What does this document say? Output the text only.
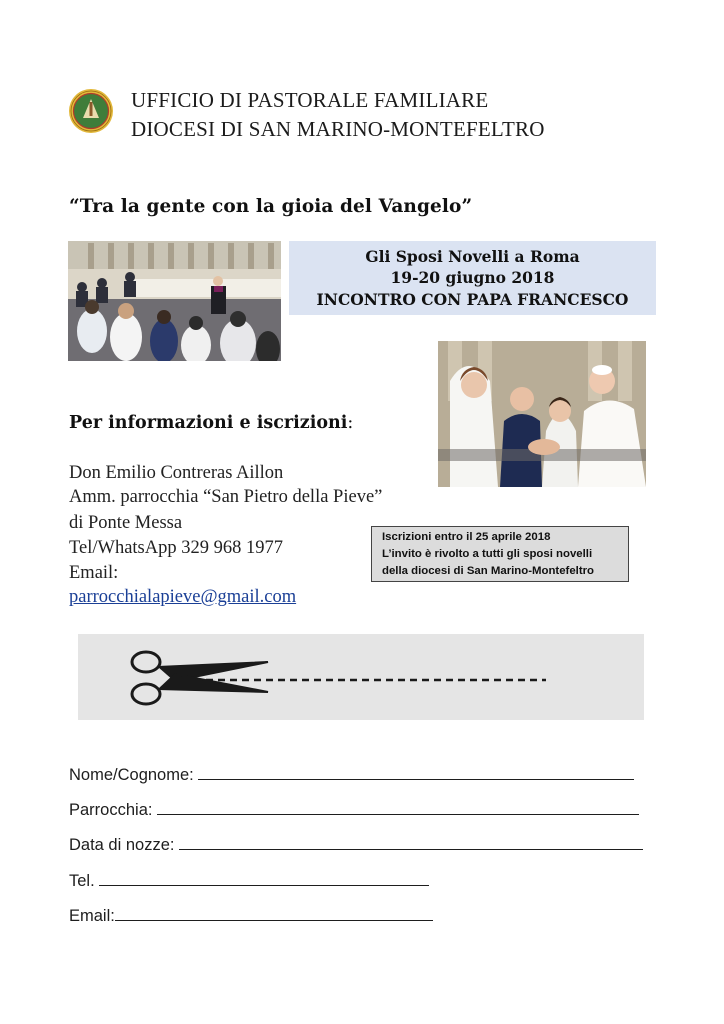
UFFICIO DI PASTORALE FAMILIARE
DIOCESI DI SAN MARINO-MONTEFELTRO
“Tra la gente con la gioia del Vangelo”
Gli Sposi Novelli a Roma
19-20 giugno 2018
INCONTRO CON PAPA FRANCESCO
Per informazioni e iscrizioni:
Don Emilio Contreras Aillon
Amm. parrocchia “San Pietro della Pieve”
di Ponte Messa
Tel/WhatsApp 329 968 1977
Email:
parrocchialapieve@gmail.com
Iscrizioni entro il 25 aprile 2018
L’invito è rivolto a tutti gli sposi novelli
della diocesi di San Marino-Montefeltro
Nome/Cognome:
Parrocchia:
Data di nozze:
Tel.
Email:
